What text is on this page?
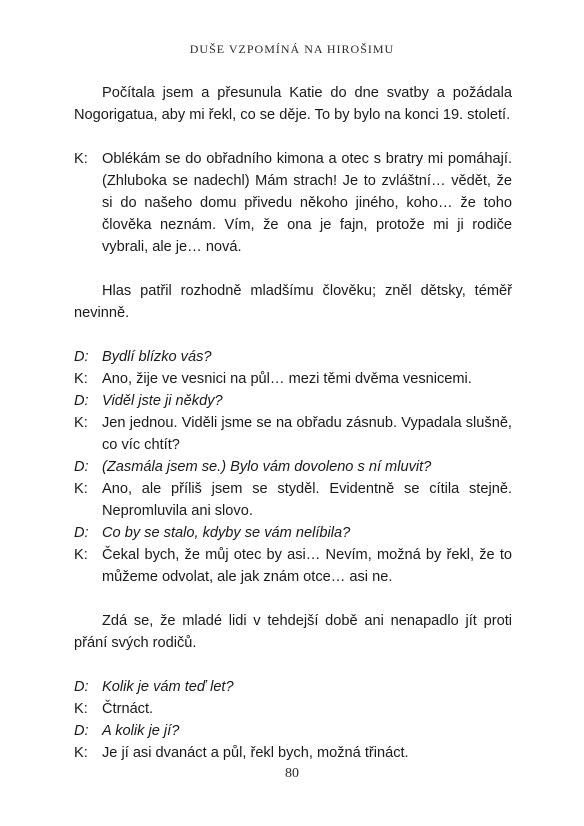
DUŠE VZPOMÍNÁ NA HIROŠIMU

Počítala jsem a přesunula Katie do dne svatby a požádala Nogorigatua, aby mi řekl, co se děje. To by bylo na konci 19. století.

K: Oblékám se do obřadního kimona a otec s bratry mi pomáhají. (Zhluboka se nadechl) Mám strach! Je to zvláštní… vědět, že si do našeho domu přivedu někoho jiného, koho… že toho člověka neznám. Vím, že ona je fajn, protože mi ji rodiče vybrali, ale je… nová.

Hlas patřil rozhodně mladšímu člověku; zněl dětsky, téměř nevinně.

D: Bydlí blízko vás?
K: Ano, žije ve vesnici na půl… mezi těmi dvěma vesnicemi.
D: Viděl jste ji někdy?
K: Jen jednou. Viděli jsme se na obřadu zásnub. Vypadala slušně, co víc chtít?
D: (Zasmála jsem se.) Bylo vám dovoleno s ní mluvit?
K: Ano, ale příliš jsem se styděl. Evidentně se cítila stejně. Nepromluvila ani slovo.
D: Co by se stalo, kdyby se vám nelíbila?
K: Čekal bych, že můj otec by asi… Nevím, možná by řekl, že to můžeme odvolat, ale jak znám otce… asi ne.

Zdá se, že mladé lidi v tehdejší době ani nenapadlo jít proti přání svých rodičů.

D: Kolik je vám teď let?
K: Čtrnáct.
D: A kolik je jí?
K: Je jí asi dvanáct a půl, řekl bych, možná třináct.
80
